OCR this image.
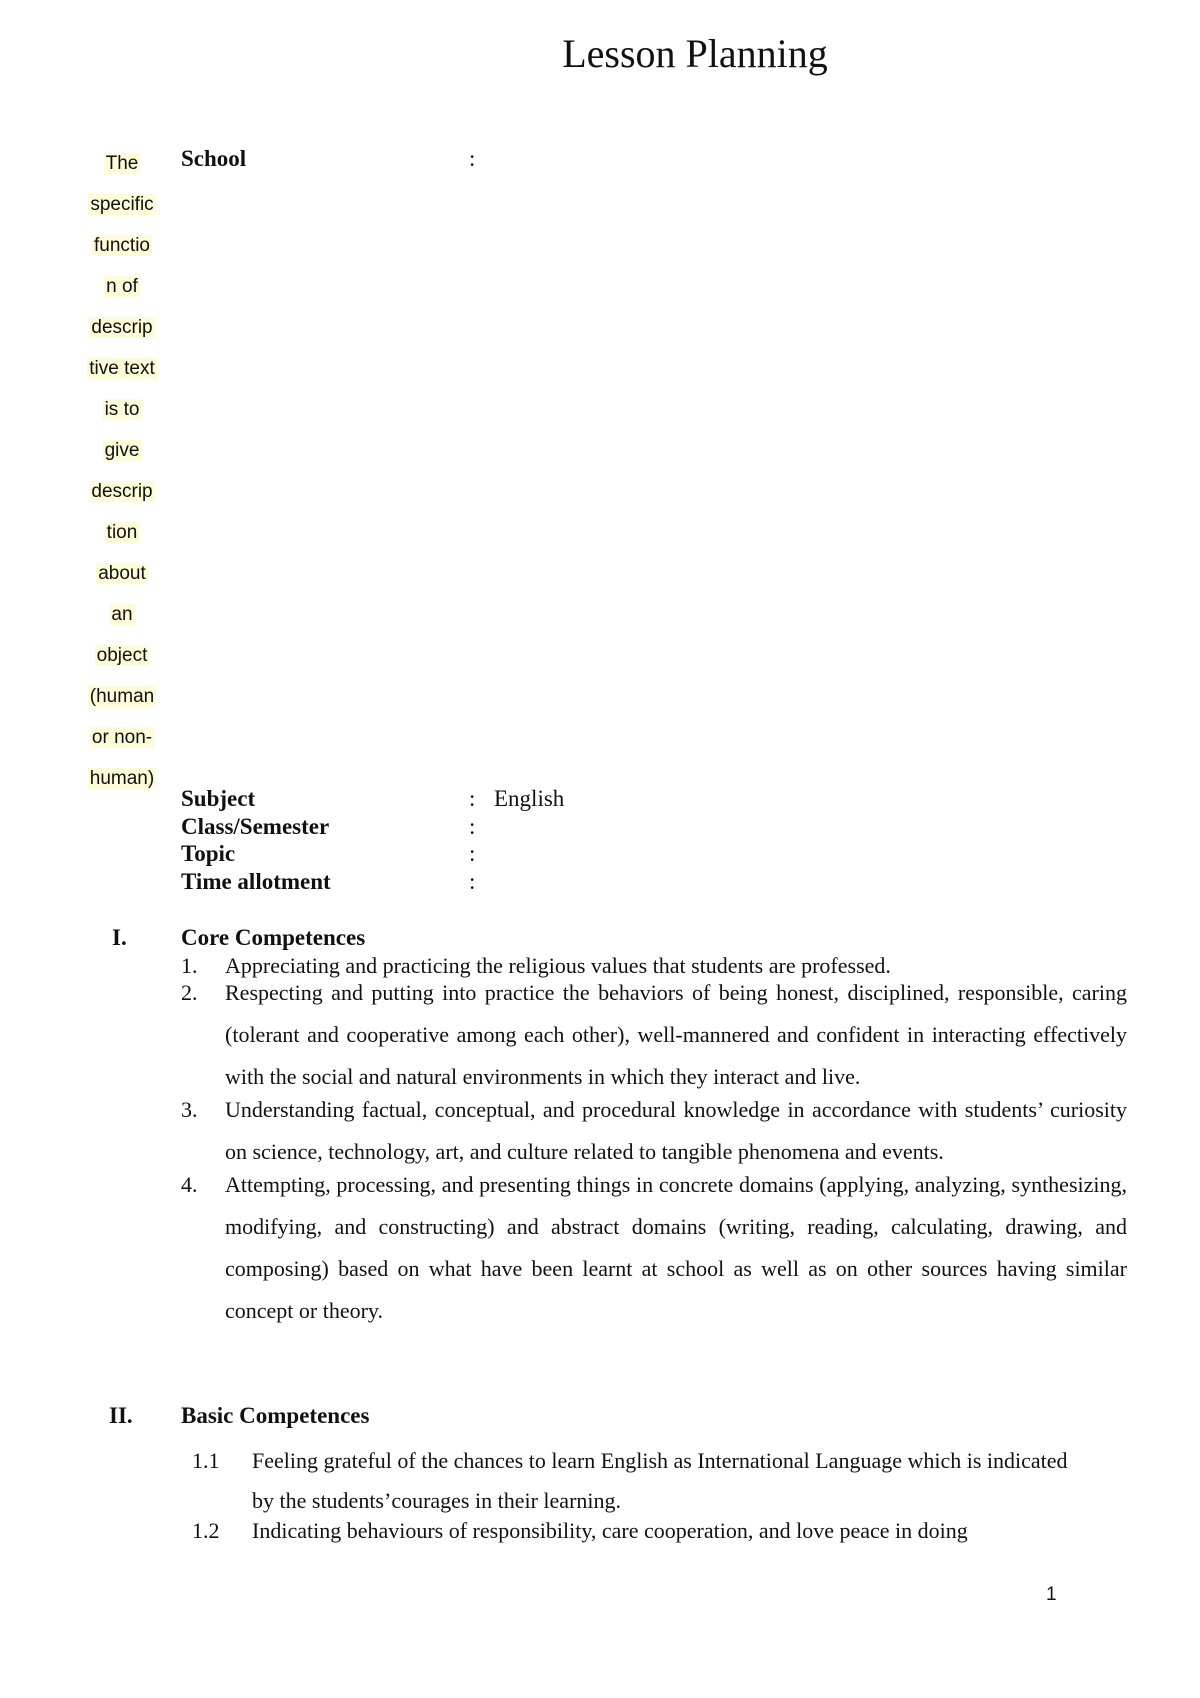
Lesson Planning
The
specific
functio
n of
descrip
tive text
is to
give
descrip
tion
about
an
object
(human
or non-
human)
School	:
Subject	: English
Class/Semester	:
Topic	:
Time allotment	:
I. Core Competences
1. Appreciating and practicing the religious values that students are professed.
2. Respecting and putting into practice the behaviors of being honest, disciplined, responsible, caring (tolerant and cooperative among each other), well-mannered and confident in interacting effectively with the social and natural environments in which they interact and live.
3. Understanding factual, conceptual, and procedural knowledge in accordance with students’ curiosity on science, technology, art, and culture related to tangible phenomena and events.
4. Attempting, processing, and presenting things in concrete domains (applying, analyzing, synthesizing, modifying, and constructing) and abstract domains (writing, reading, calculating, drawing, and composing) based on what have been learnt at school as well as on other sources having similar concept or theory.
II. Basic Competences
1.1 Feeling grateful of the chances to learn English as International Language which is indicated by the students’courages in their learning.
1.2 Indicating behaviours of responsibility, care cooperation, and love peace in doing
1
